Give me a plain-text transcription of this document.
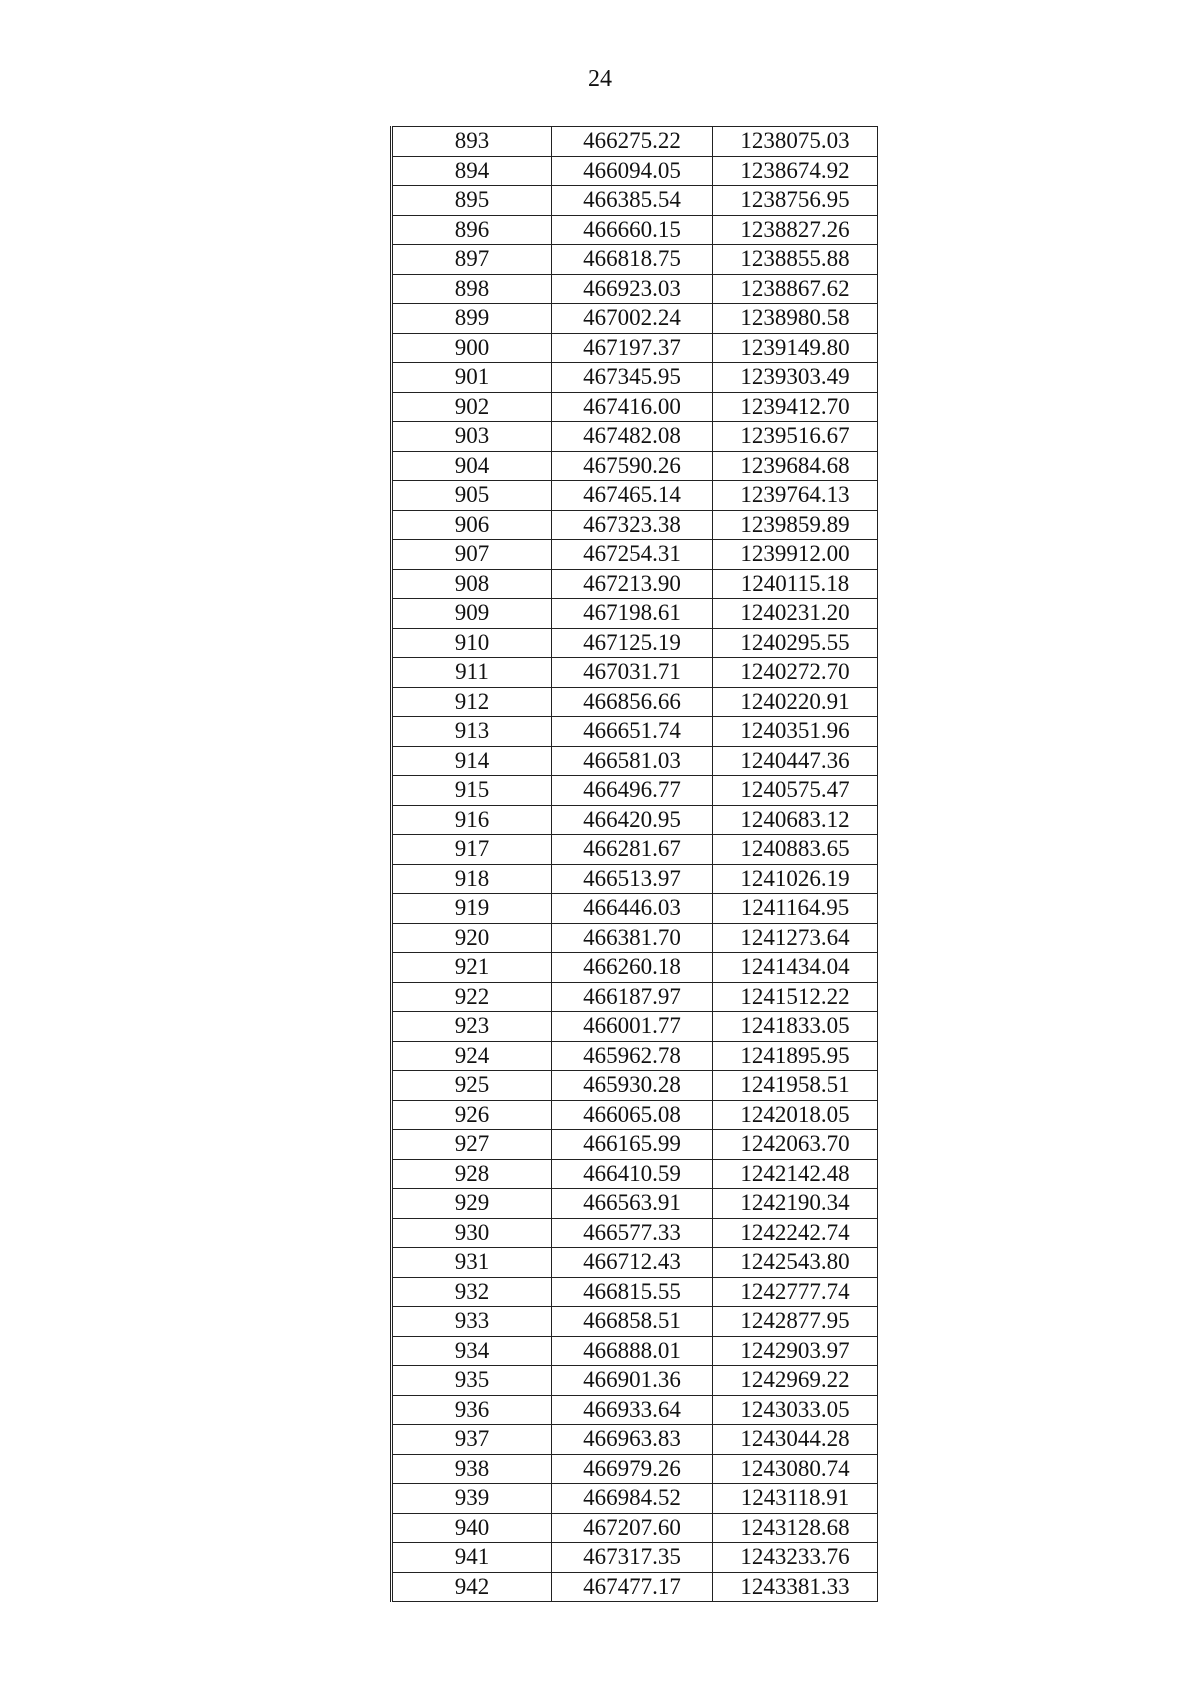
24
893	466275.22	1238075.03
894	466094.05	1238674.92
895	466385.54	1238756.95
896	466660.15	1238827.26
897	466818.75	1238855.88
898	466923.03	1238867.62
899	467002.24	1238980.58
900	467197.37	1239149.80
901	467345.95	1239303.49
902	467416.00	1239412.70
903	467482.08	1239516.67
904	467590.26	1239684.68
905	467465.14	1239764.13
906	467323.38	1239859.89
907	467254.31	1239912.00
908	467213.90	1240115.18
909	467198.61	1240231.20
910	467125.19	1240295.55
911	467031.71	1240272.70
912	466856.66	1240220.91
913	466651.74	1240351.96
914	466581.03	1240447.36
915	466496.77	1240575.47
916	466420.95	1240683.12
917	466281.67	1240883.65
918	466513.97	1241026.19
919	466446.03	1241164.95
920	466381.70	1241273.64
921	466260.18	1241434.04
922	466187.97	1241512.22
923	466001.77	1241833.05
924	465962.78	1241895.95
925	465930.28	1241958.51
926	466065.08	1242018.05
927	466165.99	1242063.70
928	466410.59	1242142.48
929	466563.91	1242190.34
930	466577.33	1242242.74
931	466712.43	1242543.80
932	466815.55	1242777.74
933	466858.51	1242877.95
934	466888.01	1242903.97
935	466901.36	1242969.22
936	466933.64	1243033.05
937	466963.83	1243044.28
938	466979.26	1243080.74
939	466984.52	1243118.91
940	467207.60	1243128.68
941	467317.35	1243233.76
942	467477.17	1243381.33
